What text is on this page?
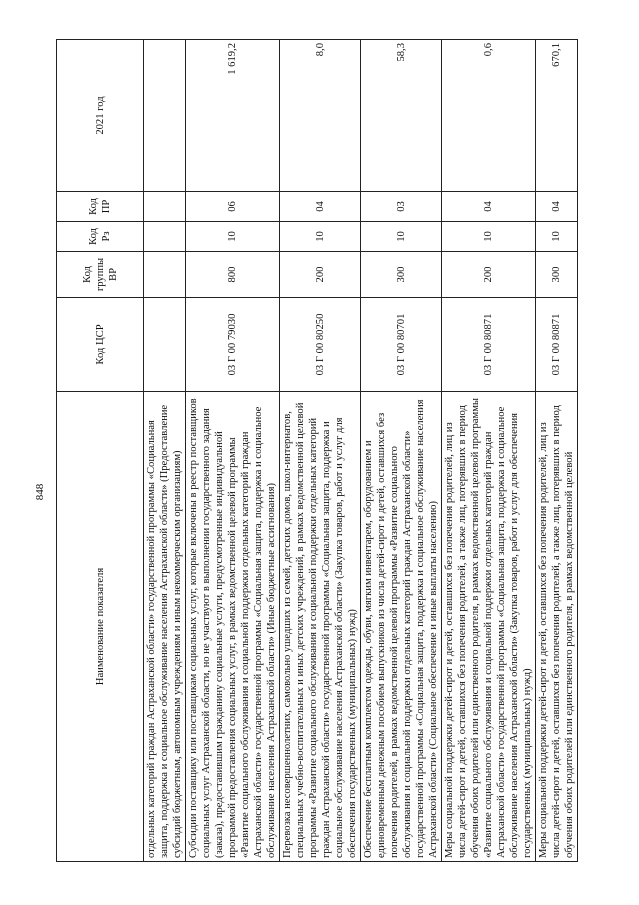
848
Наименование показателя	Код ЦСР	Код группы ВР	Код Рз	Код ПР	2021 год
отдельных категорий граждан Астраханской области» государственной программы «Социальная защита, поддержка и социальное обслуживание населения Астраханской области» (Предоставление субсидий бюджетным, автономным учреждениям и иным некоммерческим организациям)					
Субсидии поставщику или поставщикам социальных услуг, которые включены в реестр поставщиков социальных услуг Астраханской области, но не участвуют в выполнении государственного задания (заказа), предоставившим гражданину социальные услуги, предусмотренные индивидуальной программой предоставления социальных услуг, в рамках ведомственной целевой программы «Развитие социального обслуживания и социальной поддержки отдельных категорий граждан Астраханской области» государственной программы «Социальная защита, поддержка и социальное обслуживание населения Астраханской области» (Иные бюджетные ассигнования)	03 Г 00 79030	800	10	06	1 619,2
Перевозка несовершеннолетних, самовольно ушедших из семей, детских домов, школ-интернатов, специальных учебно-воспитательных и иных детских учреждений, в рамках ведомственной целевой программы «Развитие социального обслуживания и социальной поддержки отдельных категорий граждан Астраханской области» государственной программы «Социальная защита, поддержка и социальное обслуживание населения Астраханской области» (Закупка товаров, работ и услуг для обеспечения государственных (муниципальных) нужд)	03 Г 00 80250	200	10	04	8,0
Обеспечение бесплатным комплектом одежды, обуви, мягким инвентарем, оборудованием и единовременным денежным пособием выпускников из числа детей-сирот и детей, оставшихся без попечения родителей, в рамках ведомственной целевой программы «Развитие социального обслуживания и социальной поддержки отдельных категорий граждан Астраханской области» государственной программы «Социальная защита, поддержка и социальное обслуживание населения Астраханской области» (Социальное обеспечение и иные выплаты населению)	03 Г 00 80701	300	10	03	58,3
Меры социальной поддержки детей-сирот и детей, оставшихся без попечения родителей, лиц из числа детей-сирот и детей, оставшихся без попечения родителей, а также лиц, потерявших в период обучения обоих родителей или единственного родителя, в рамках ведомственной целевой программы «Развитие социального обслуживания и социальной поддержки отдельных категорий граждан Астраханской области» государственной программы «Социальная защита, поддержка и социальное обслуживание населения Астраханской области» (Закупка товаров, работ и услуг для обеспечения государственных (муниципальных) нужд)	03 Г 00 80871	200	10	04	0,6
Меры социальной поддержки детей-сирот и детей, оставшихся без попечения родителей, лиц из числа детей-сирот и детей, оставшихся без попечения родителей, а также лиц, потерявших в период обучения обоих родителей или единственного родителя, в рамках ведомственной целевой	03 Г 00 80871	300	10	04	670,1
